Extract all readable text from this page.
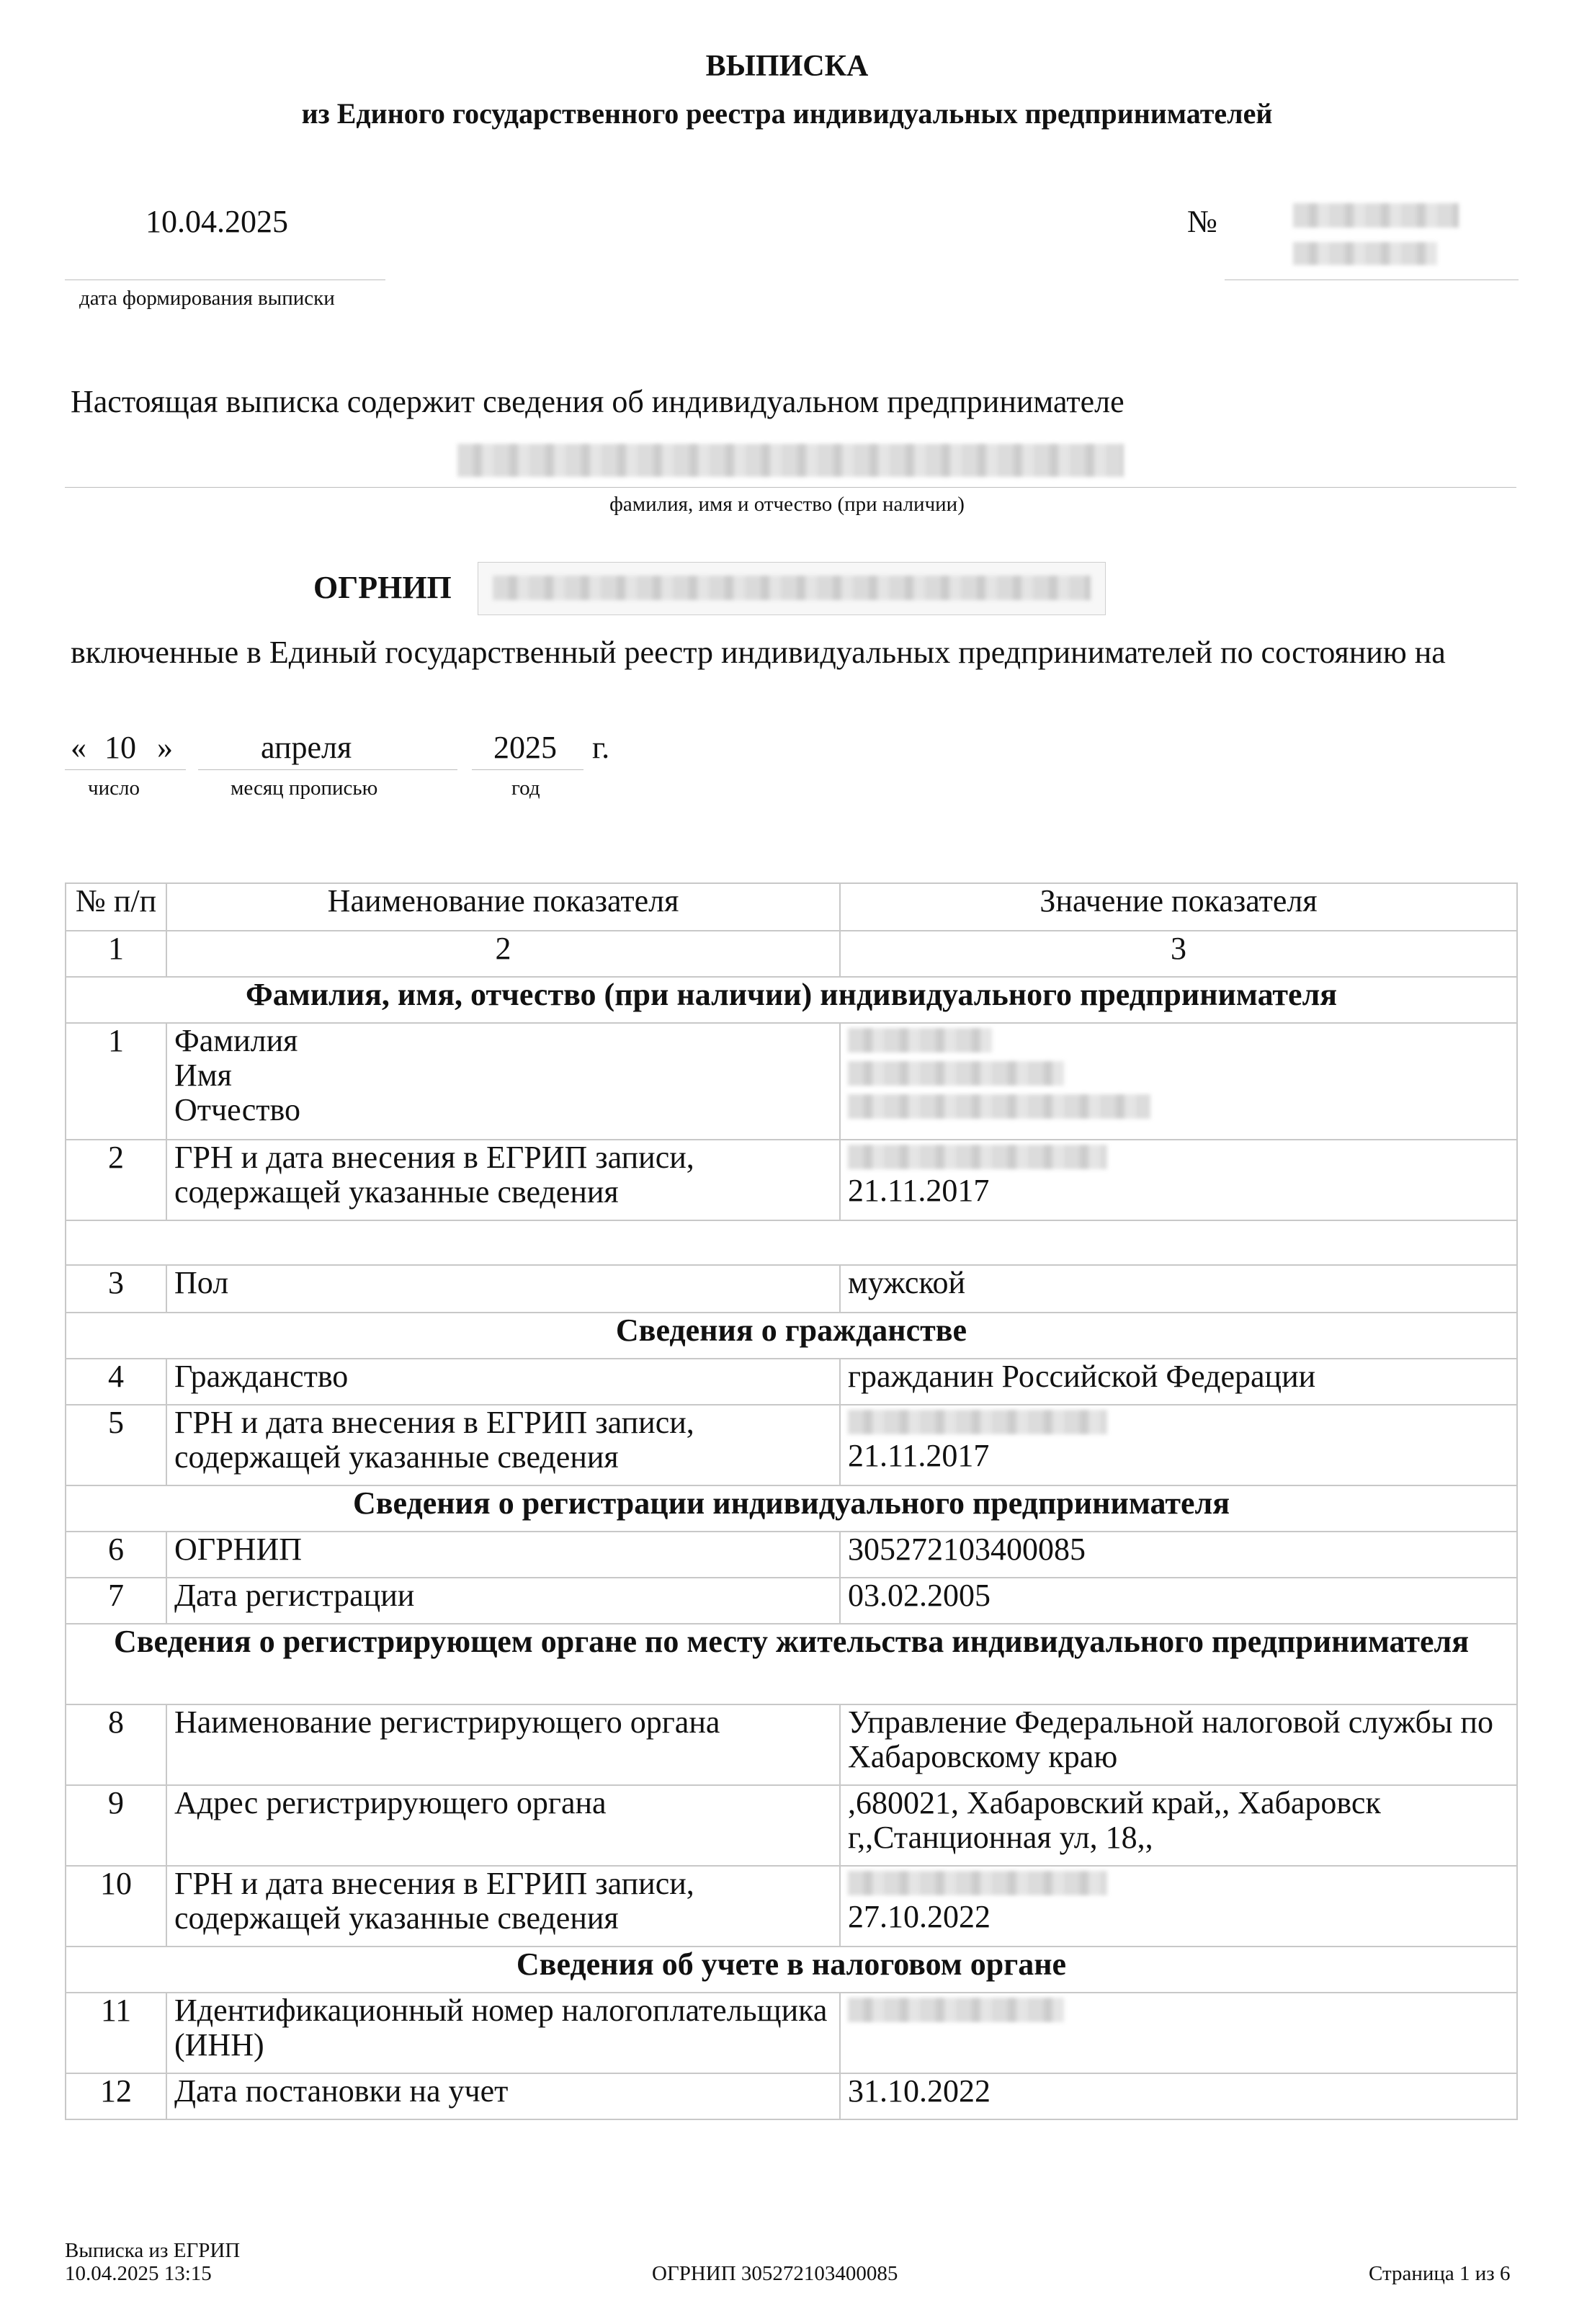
ВЫПИСКА
из Единого государственного реестра индивидуальных предпринимателей
10.04.2025
дата формирования выписки
№
Настоящая выписка содержит сведения об индивидуальном предпринимателе
фамилия, имя и отчество (при наличии)
ОГРНИП
включенные в Единый государственный реестр индивидуальных предпринимателей по состоянию на
« 10 »	апреля	2025 г.
число	месяц прописью	год
№ п/п	Наименование показателя	Значение показателя
1	2	3
Фамилия, имя, отчество (при наличии) индивидуального предпринимателя		
1	Фамилия
Имя
Отчество	

2	ГРН и дата внесения в ЕГРИП записи, содержащей указанные сведения	21.11.2017

3	Пол	мужской
Сведения о гражданстве		
4	Гражданство	гражданин Российской Федерации
5	ГРН и дата внесения в ЕГРИП записи, содержащей указанные сведения	21.11.2017

Сведения о регистрации индивидуального предпринимателя		
6	ОГРНИП	305272103400085
7	Дата регистрации	03.02.2005
Сведения о регистрирующем органе по месту жительства индивидуального предпринимателя		
8	Наименование регистрирующего органа	Управление Федеральной налоговой службы по Хабаровскому краю
9	Адрес регистрирующего органа	,680021, Хабаровский край,, Хабаровск г,,Станционная ул, 18,,
10	ГРН и дата внесения в ЕГРИП записи, содержащей указанные сведения	27.10.2022

Сведения об учете в налоговом органе		
11	Идентификационный номер налогоплательщика (ИНН)	

12	Дата постановки на учет	31.10.2022
Выписка из ЕГРИП
10.04.2025 13:15	ОГРНИП 305272103400085	Страница 1 из 6
